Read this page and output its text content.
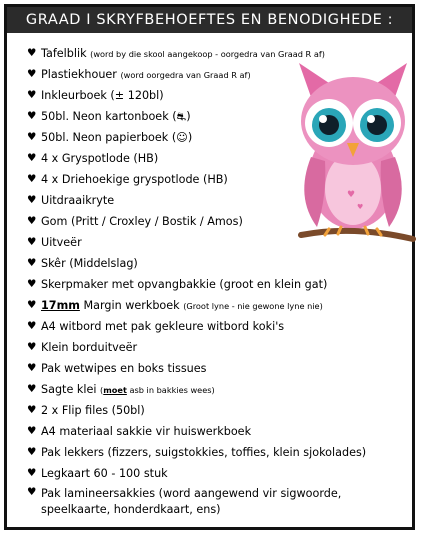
GRAAD I SKRYFBEHOEFTES EN BENODIGHEDE :
♥ Tafelblik (word by die skool aangekoop - oorgedra van Graad R af)
♥ Plastiekhouer (word oorgedra van Graad R af)
♥ Inkleurboek (± 120bl)
♥ 50bl. Neon kartonboek (⛐)
♥ 50bl. Neon papierboek (☺)
♥ 4 x Gryspotlode (HB)
♥ 4 x Driehoekige gryspotlode (HB)
♥ Uitdraaikryte
♥ Gom (Pritt / Croxley / Bostik / Amos)
♥ Uitveër
♥ Skêr (Middelslag)
♥ Skerpmaker met opvangbakkie (groot en klein gat)
♥ 17mm Margin werkboek (Groot lyne - nie gewone lyne nie)
♥ A4 witbord met pak gekleure witbord koki's
♥ Klein borduitveër
♥ Pak wetwipes en boks tissues
♥ Sagte klei (moet asb in bakkies wees)
♥ 2 x Flip files (50bl)
♥ A4 materiaal sakkie vir huiswerkboek
♥ Pak lekkers (fizzers, suigstokkies, toffies, klein sjokolades)
♥ Legkaart 60 - 100 stuk
♥ Pak lamineersakkies (word aangewend vir sigwoorde, speelkaarte, honderdkaart, ens)
♥
♥
